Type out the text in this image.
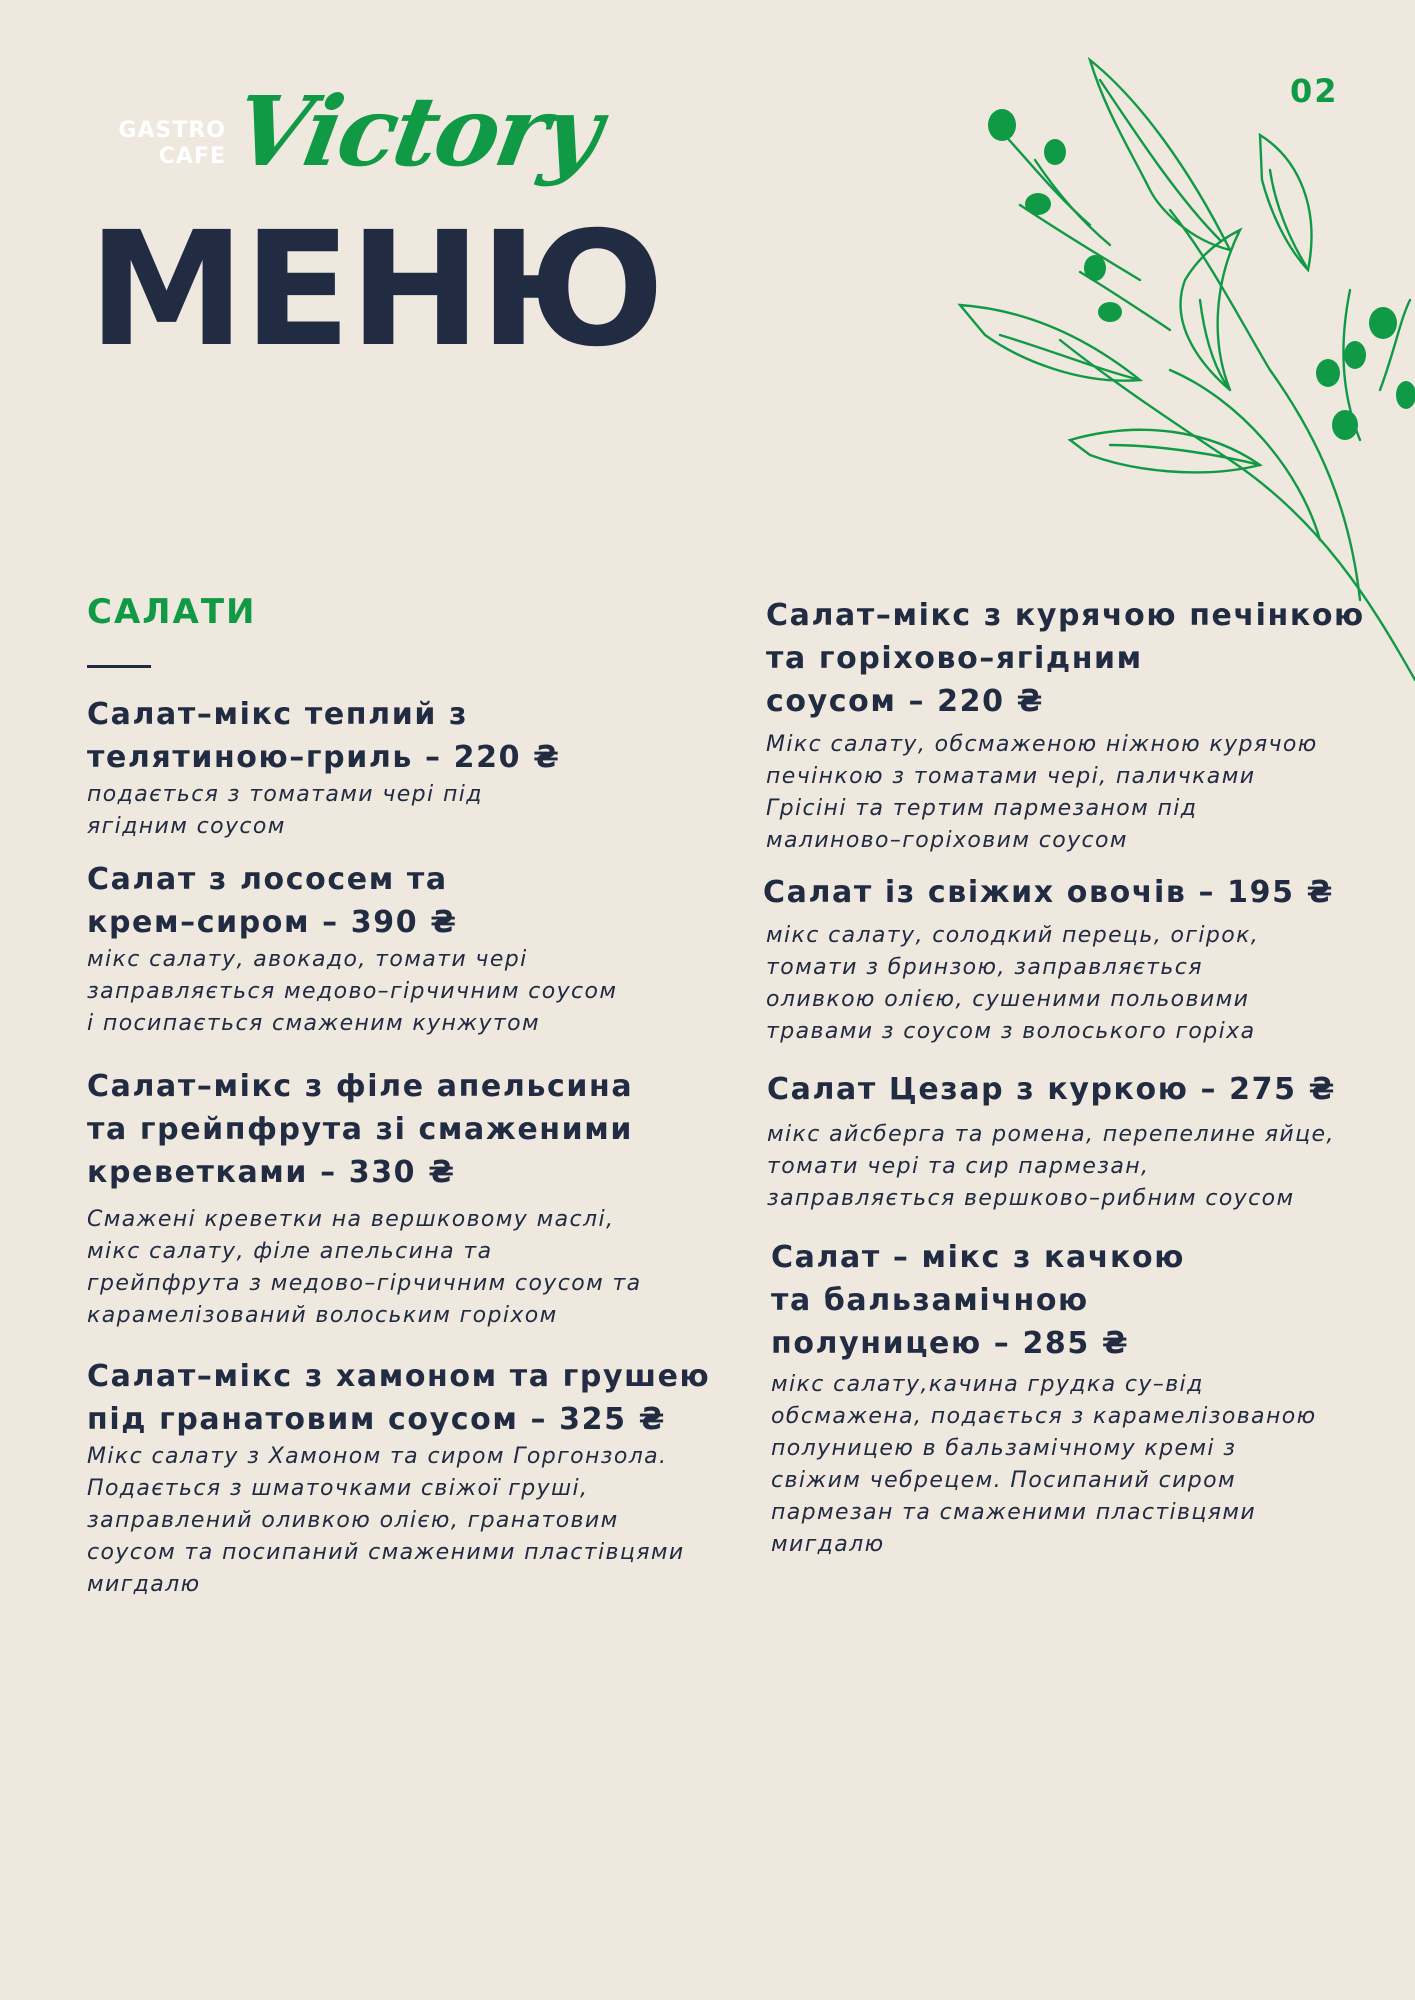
GASTRO
CAFE Victory	02
МЕНЮ
САЛАТИ
Салат–мікс теплий з
телятиною–гриль – 220 ₴

подається з томатами чері під
ягідним соусом

Салат з лососем та
крем–сиром – 390 ₴

мікс салату, авокадо, томати чері
заправляється медово–гірчичним соусом
і посипається смаженим кунжутом

Салат–мікс з філе апельсина
та грейпфрута зі смаженими
креветками – 330 ₴

Смажені креветки на вершковому маслі,
мікс салату, філе апельсина та
грейпфрута з медово–гірчичним соусом та
карамелізований волоським горіхом

Салат–мікс з хамоном та грушею
під гранатовим соусом – 325 ₴

Мікс салату з Хамоном та сиром Горгонзола.
Подається з шматочками свіжої груші,
заправлений оливкою олією, гранатовим
соусом та посипаний смаженими пластівцями
мигдалю

Салат–мікс з курячою печінкою
та горіхово–ягідним
соусом – 220 ₴

Мікс салату, обсмаженою ніжною курячою
печінкою з томатами чері, паличками
Грісіні та тертим пармезаном під
малиново–горіховим соусом

Салат із свіжих овочів – 195 ₴

мікс салату, солодкий перець, огірок,
томати з бринзою, заправляється
оливкою олією, сушеними польовими
травами з соусом з волоського горіха

Салат Цезар з куркою – 275 ₴

мікс айсберга та ромена, перепелине яйце,
томати чері та сир пармезан,
заправляється вершково–рибним соусом

Салат – мікс з качкою
та бальзамічною
полуницею – 285 ₴

мікс салату,качина грудка су–від
обсмажена, подається з карамелізованою
полуницею в бальзамічному кремі з
свіжим чебрецем. Посипаний сиром
пармезан та смаженими пластівцями
мигдалю
